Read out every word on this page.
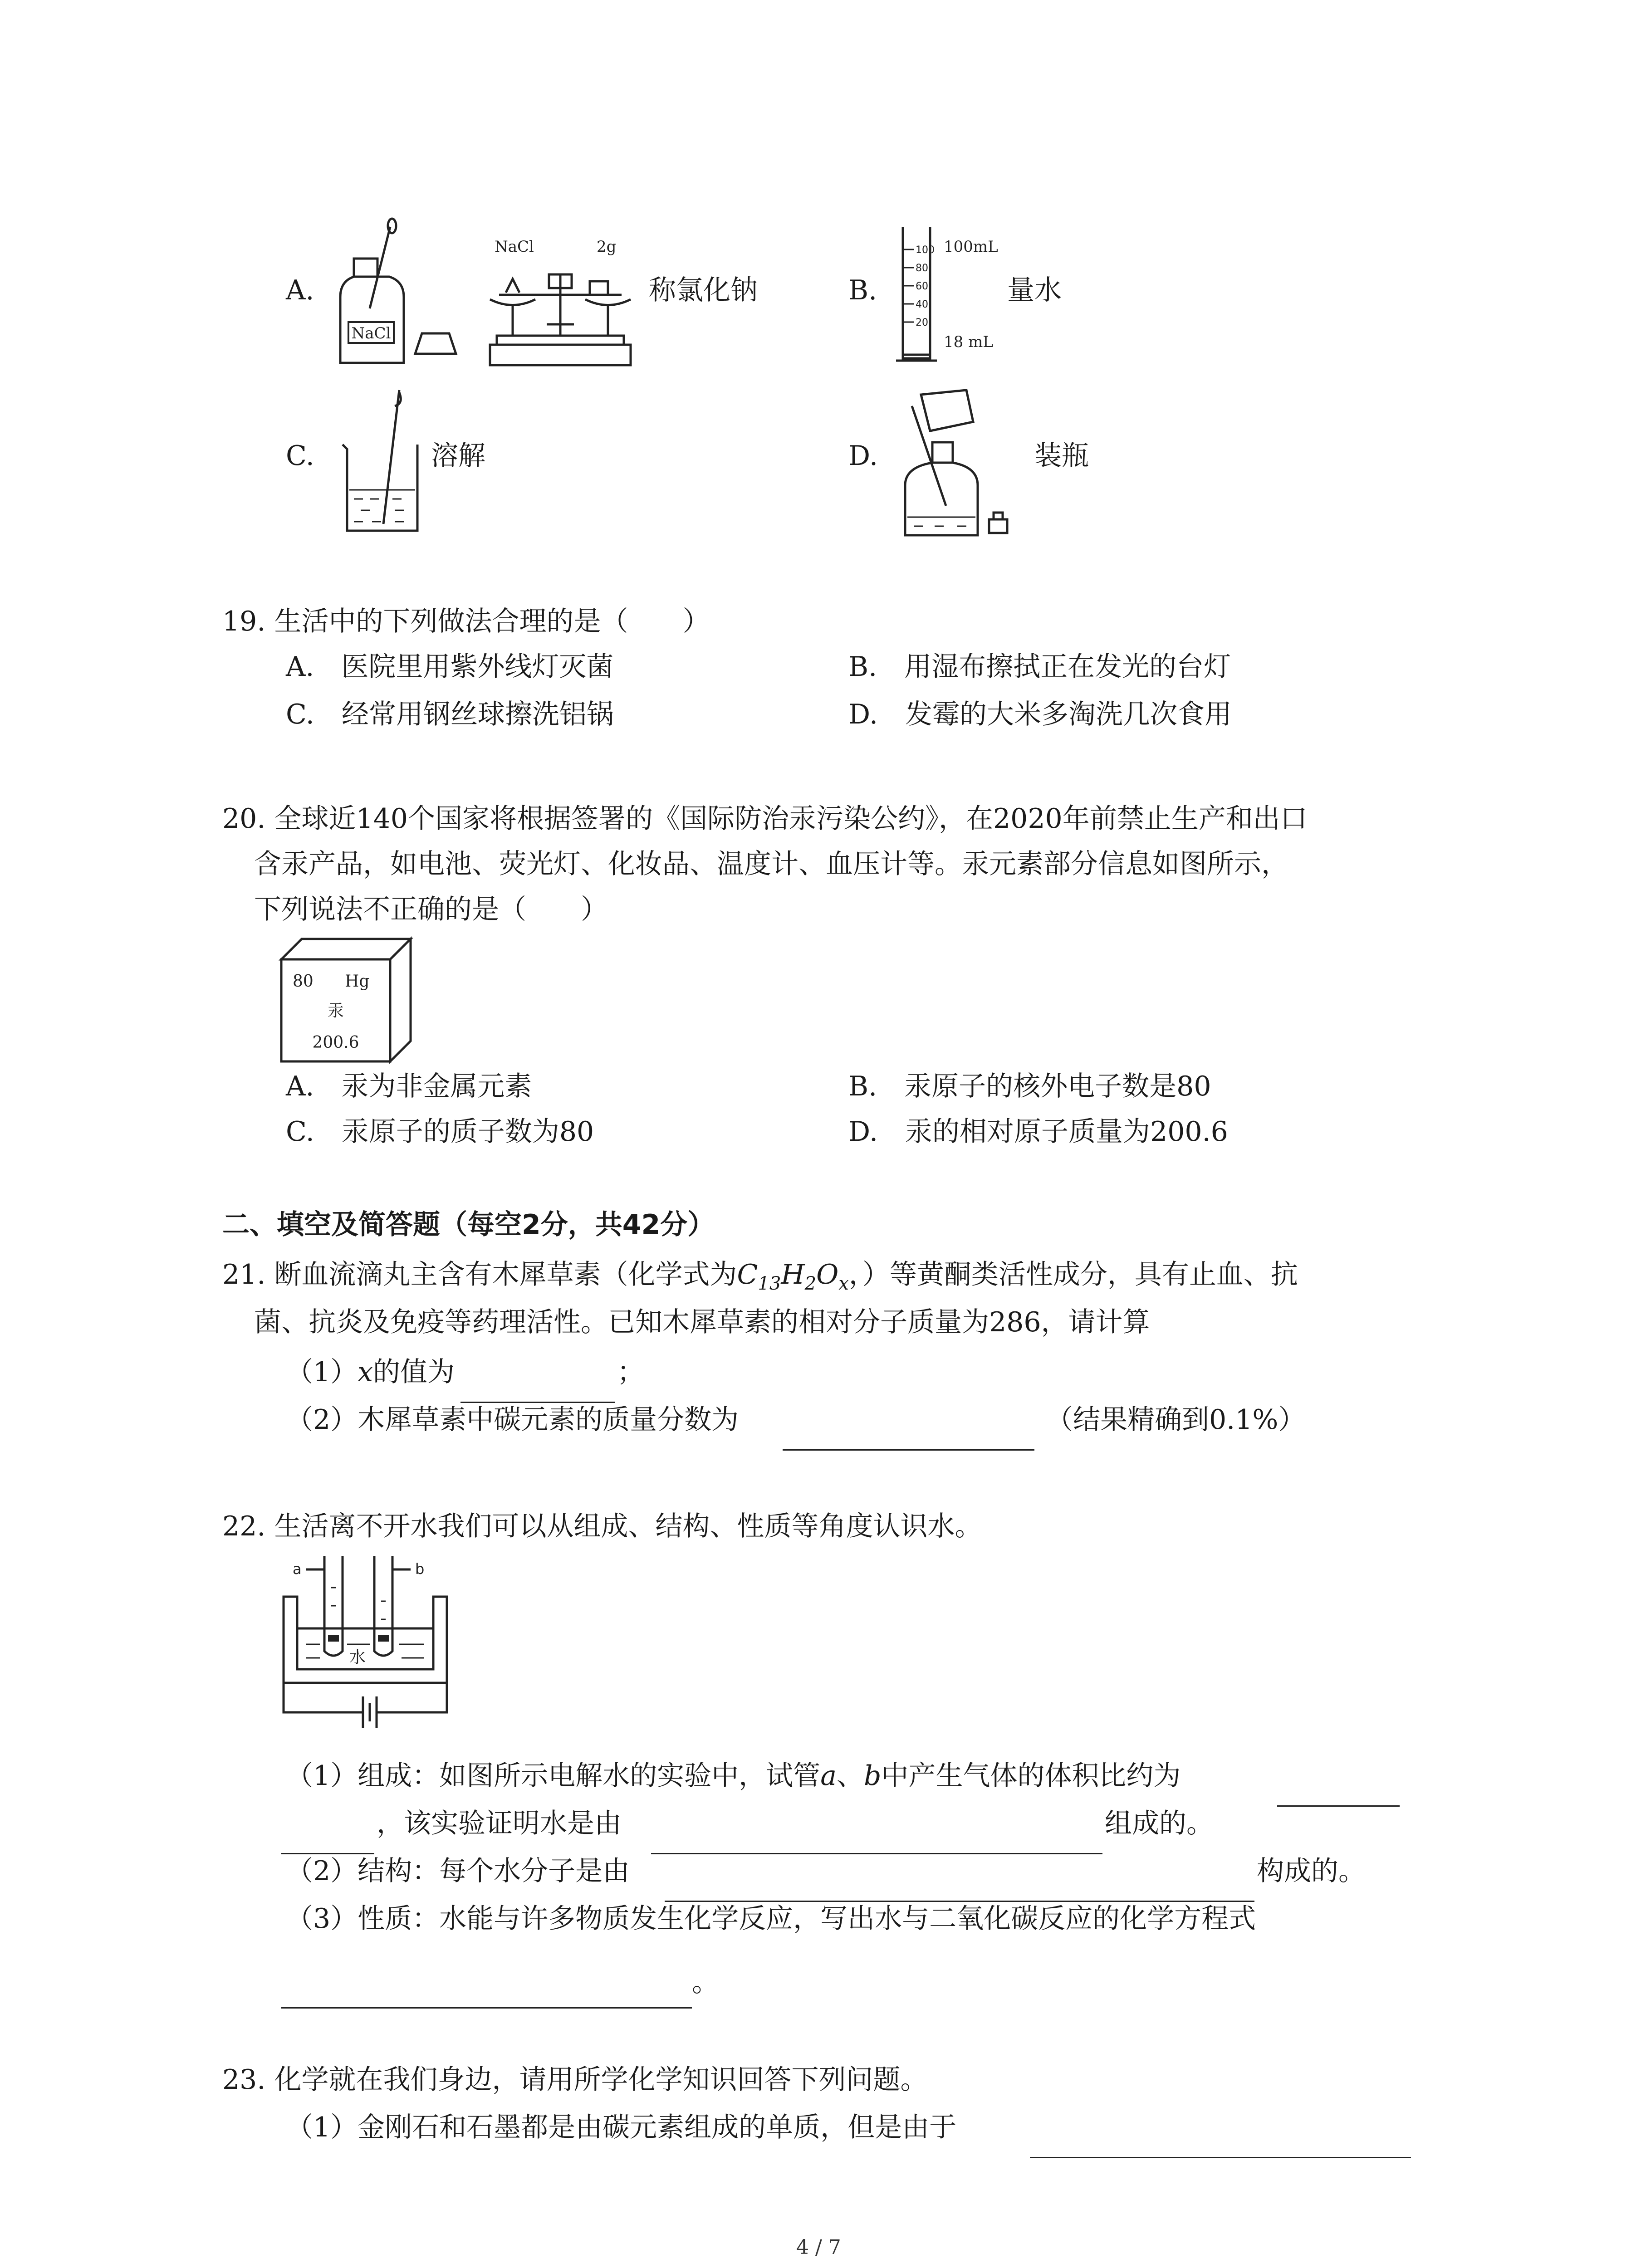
A.
NaCl
NaCl	2g
称氯化钠	B.
100
80
60
40
20
100mL
18 mL
量水
C.	溶解	D.	装瓶
19. 生活中的下列做法合理的是（　　）
A.　 医院里用紫外线灯灭菌	B.　 用湿布擦拭正在发光的台灯
C.　 经常用钢丝球擦洗铝锅	D.　 发霉的大米多淘洗几次食用
20. 全球近140个国家将根据签署的《国际防治汞污染公约》，在2020年前禁止生产和出口
含汞产品，如电池、荧光灯、化妆品、温度计、血压计等。汞元素部分信息如图所示，
下列说法不正确的是（　　）
80 Hg
汞
200.6
A.　 汞为非金属元素	B.　 汞原子的核外电子数是80
C.　 汞原子的质子数为80	D.　 汞的相对原子质量为200.6
二、填空及简答题（每空2分，共42分）
21. 断血流滴丸主含有木犀草素（化学式为$C_{13}H_2O_x$，）等黄酮类活性成分，具有止血、抗
菌、抗炎及免疫等药理活性。已知木犀草素的相对分子质量为286，请计算
（1）x的值为	；
（2）木犀草素中碳元素的质量分数为	（结果精确到0.1%）
22. 生活离不开水我们可以从组成、结构、性质等角度认识水。
a	b
水
（1）组成：如图所示电解水的实验中，试管a、b中产生气体的体积比约为
，该实验证明水是由	组成的。
（2）结构：每个水分子是由	构成的。
（3）性质：水能与许多物质发生化学反应，写出水与二氧化碳反应的化学方程式
。
23. 化学就在我们身边，请用所学化学知识回答下列问题。
（1）金刚石和石墨都是由碳元素组成的单质，但是由于
4 / 7
